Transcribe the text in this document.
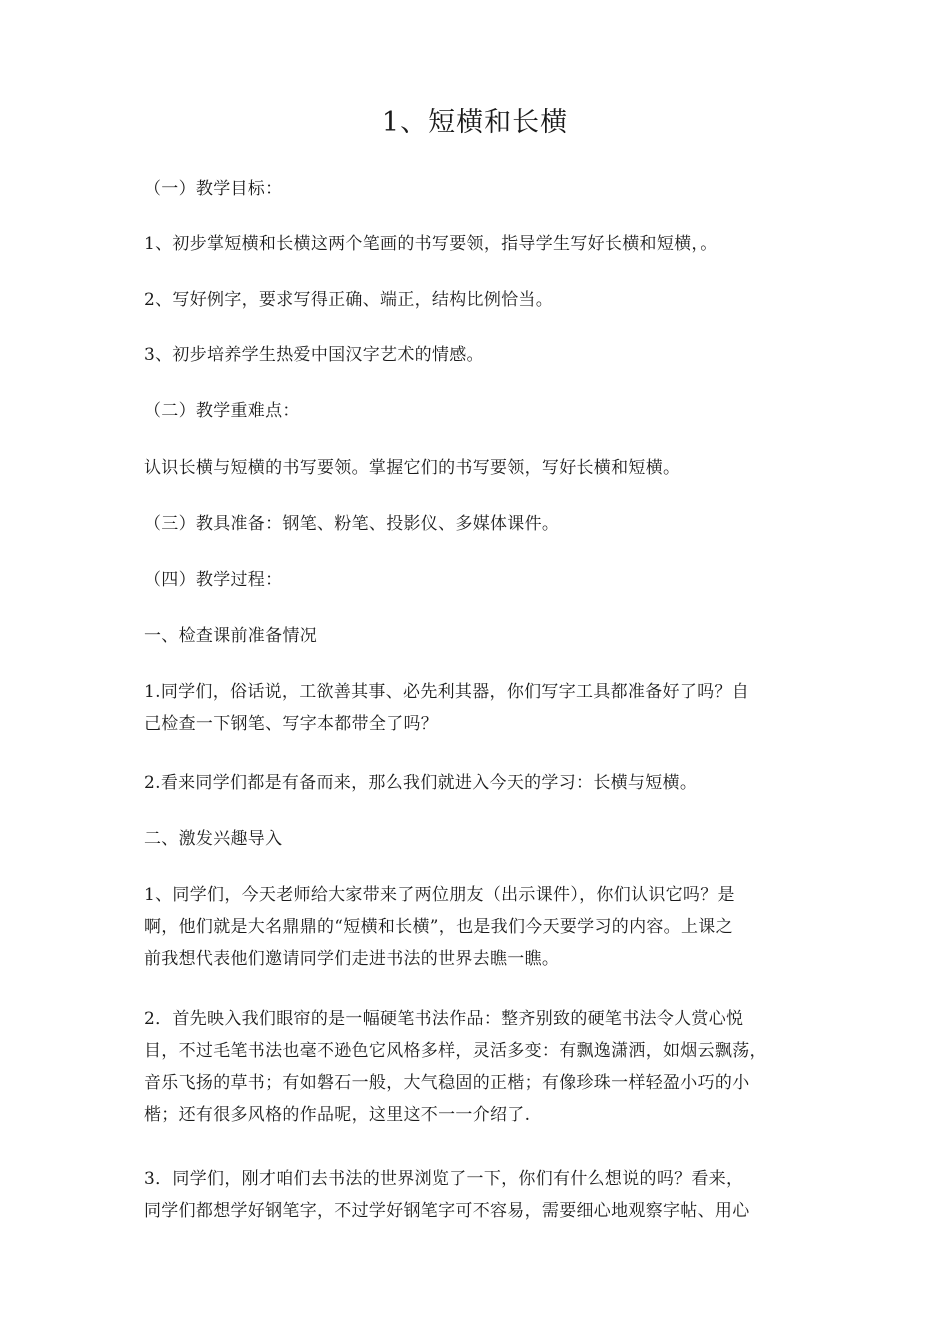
1、短横和长横
（一）教学目标：
1、初步掌短横和长横这两个笔画的书写要领，指导学生写好长横和短横，。
2、写好例字，要求写得正确、端正，结构比例恰当。
3、初步培养学生热爱中国汉字艺术的情感。
（二）教学重难点：
认识长横与短横的书写要领。掌握它们的书写要领，写好长横和短横。
（三）教具准备：钢笔、粉笔、投影仪、多媒体课件。
（四）教学过程：
一、检查课前准备情况
1.同学们，俗话说，工欲善其事、必先利其器，你们写字工具都准备好了吗？自
己检查一下钢笔、写字本都带全了吗？
2.看来同学们都是有备而来，那么我们就进入今天的学习：长横与短横。
二、激发兴趣导入
1、同学们，今天老师给大家带来了两位朋友（出示课件），你们认识它吗？是
啊，他们就是大名鼎鼎的“短横和长横”，也是我们今天要学习的内容。上课之
前我想代表他们邀请同学们走进书法的世界去瞧一瞧。
2．首先映入我们眼帘的是一幅硬笔书法作品：整齐别致的硬笔书法令人赏心悦
目，不过毛笔书法也毫不逊色它风格多样，灵活多变：有飘逸潇洒，如烟云飘荡，
音乐飞扬的草书；有如磐石一般，大气稳固的正楷；有像珍珠一样轻盈小巧的小
楷；还有很多风格的作品呢，这里这不一一介绍了.
3．同学们，刚才咱们去书法的世界浏览了一下，你们有什么想说的吗？看来，
同学们都想学好钢笔字，不过学好钢笔字可不容易，需要细心地观察字帖、用心
